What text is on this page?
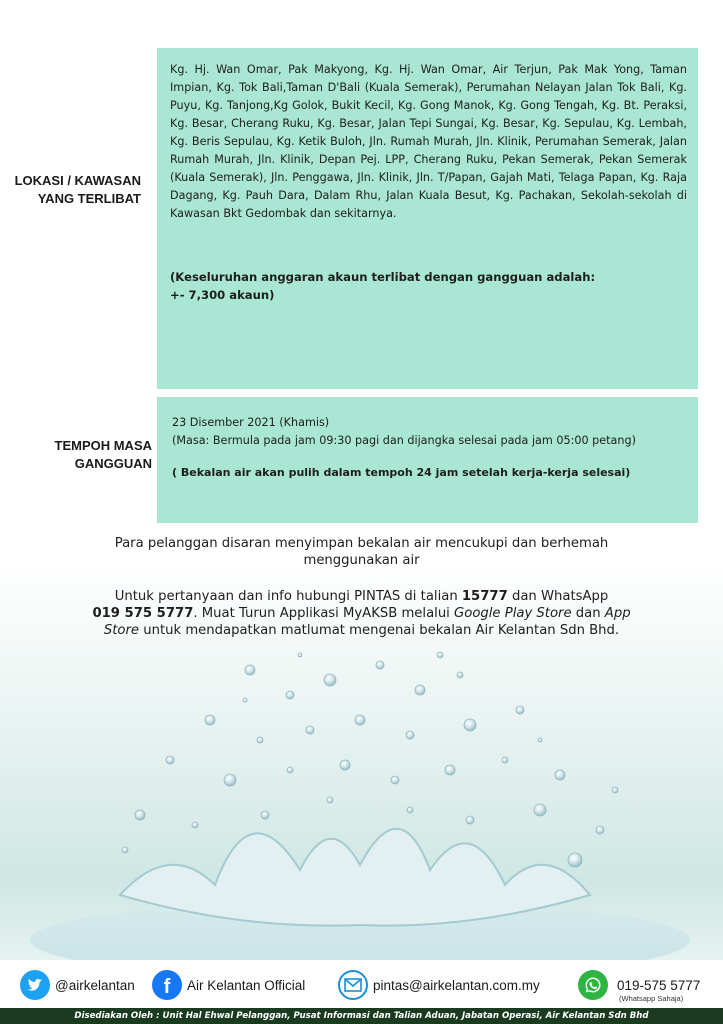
LOKASI / KAWASAN
YANG TERLIBAT
Kg. Hj. Wan Omar, Pak Makyong, Kg. Hj. Wan Omar, Air Terjun, Pak Mak Yong, Taman Impian, Kg. Tok Bali,Taman D'Bali (Kuala Semerak), Perumahan Nelayan Jalan Tok Bali, Kg. Puyu, Kg. Tanjong,Kg Golok, Bukit Kecil, Kg. Gong Manok, Kg. Gong Tengah, Kg. Bt. Peraksi, Kg. Besar, Cherang Ruku, Kg. Besar, Jalan Tepi Sungai, Kg. Besar, Kg. Sepulau, Kg. Lembah, Kg. Beris Sepulau, Kg. Ketik Buloh, Jln. Rumah Murah, Jln. Klinik, Perumahan Semerak, Jalan Rumah Murah, Jln. Klinik, Depan Pej. LPP, Cherang Ruku, Pekan Semerak, Pekan Semerak (Kuala Semerak), Jln. Penggawa, Jln. Klinik, Jln. T/Papan, Gajah Mati, Telaga Papan, Kg. Raja Dagang, Kg. Pauh Dara, Dalam Rhu, Jalan Kuala Besut, Kg. Pachakan, Sekolah-sekolah di Kawasan Bkt Gedombak dan sekitarnya.
(Keseluruhan anggaran akaun terlibat dengan gangguan adalah:
+- 7,300 akaun)
TEMPOH MASA
GANGGUAN
23 Disember 2021 (Khamis)
(Masa: Bermula pada jam 09:30 pagi dan dijangka selesai pada jam 05:00 petang)
( Bekalan air akan pulih dalam tempoh 24 jam setelah kerja-kerja selesai)
Para pelanggan disaran menyimpan bekalan air mencukupi dan berhemah
menggunakan air
Untuk pertanyaan dan info hubungi PINTAS di talian 15777 dan WhatsApp
019 575 5777. Muat Turun Applikasi MyAKSB melalui Google Play Store dan App
Store untuk mendapatkan matlumat mengenai bekalan Air Kelantan Sdn Bhd.
@airkelantan f Air Kelantan Official	pintas@airkelantan.com.my	019-575 5777
(Whatsapp Sahaja)
Disediakan Oleh : Unit Hal Ehwal Pelanggan, Pusat Informasi dan Talian Aduan, Jabatan Operasi, Air Kelantan Sdn Bhd
